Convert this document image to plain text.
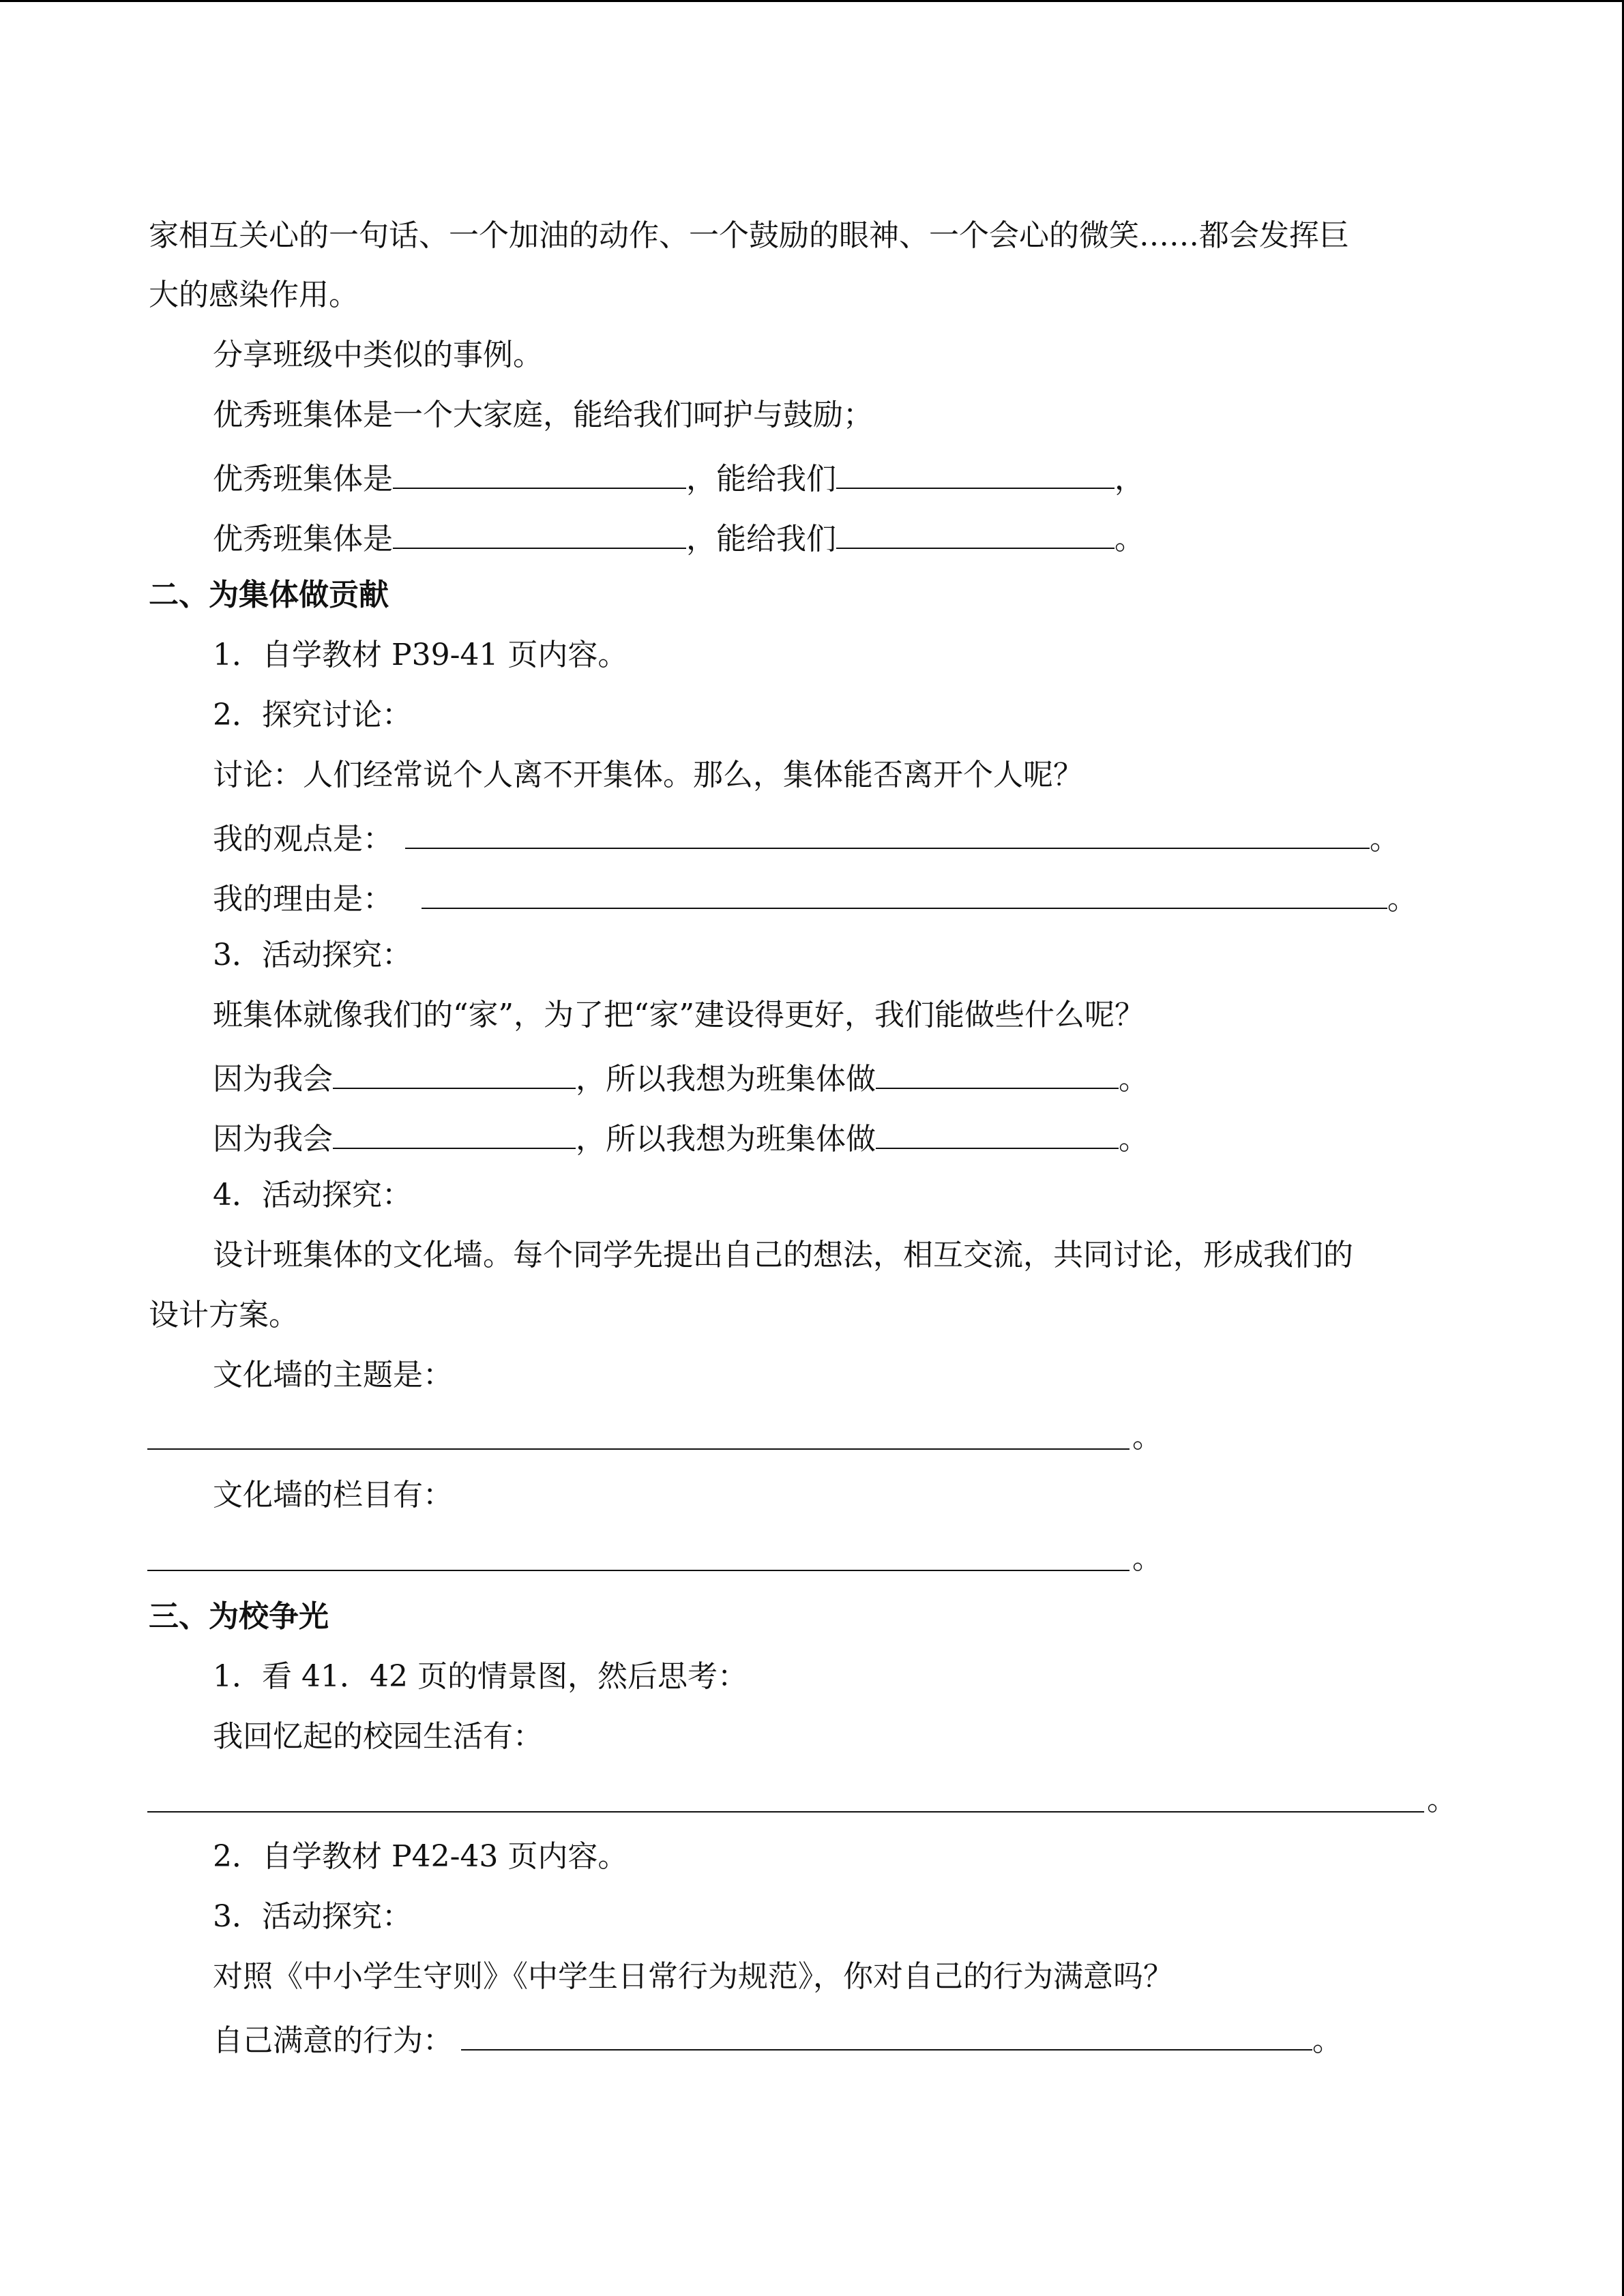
家相互关心的一句话、一个加油的动作、一个鼓励的眼神、一个会心的微笑……都会发挥巨
大的感染作用。
分享班级中类似的事例。
优秀班集体是一个大家庭，能给我们呵护与鼓励；
优秀班集体是	，能给我们	，
优秀班集体是	，能给我们	。
二、为集体做贡献
1．自学教材 P39-41 页内容。
2．探究讨论：
讨论：人们经常说个人离不开集体。那么，集体能否离开个人呢？
我的观点是：	。
我的理由是：	。
3．活动探究：
班集体就像我们的“家”，为了把“家”建设得更好，我们能做些什么呢？
因为我会	，所以我想为班集体做	。
因为我会	，所以我想为班集体做	。
4．活动探究：
设计班集体的文化墙。每个同学先提出自己的想法，相互交流，共同讨论，形成我们的
设计方案。
文化墙的主题是：
。
文化墙的栏目有：
。
三、为校争光
1．看 41．42 页的情景图，然后思考：
我回忆起的校园生活有：
。
2．自学教材 P42-43 页内容。
3．活动探究：
对照《中小学生守则》《中学生日常行为规范》，你对自己的行为满意吗？
自己满意的行为：	。
